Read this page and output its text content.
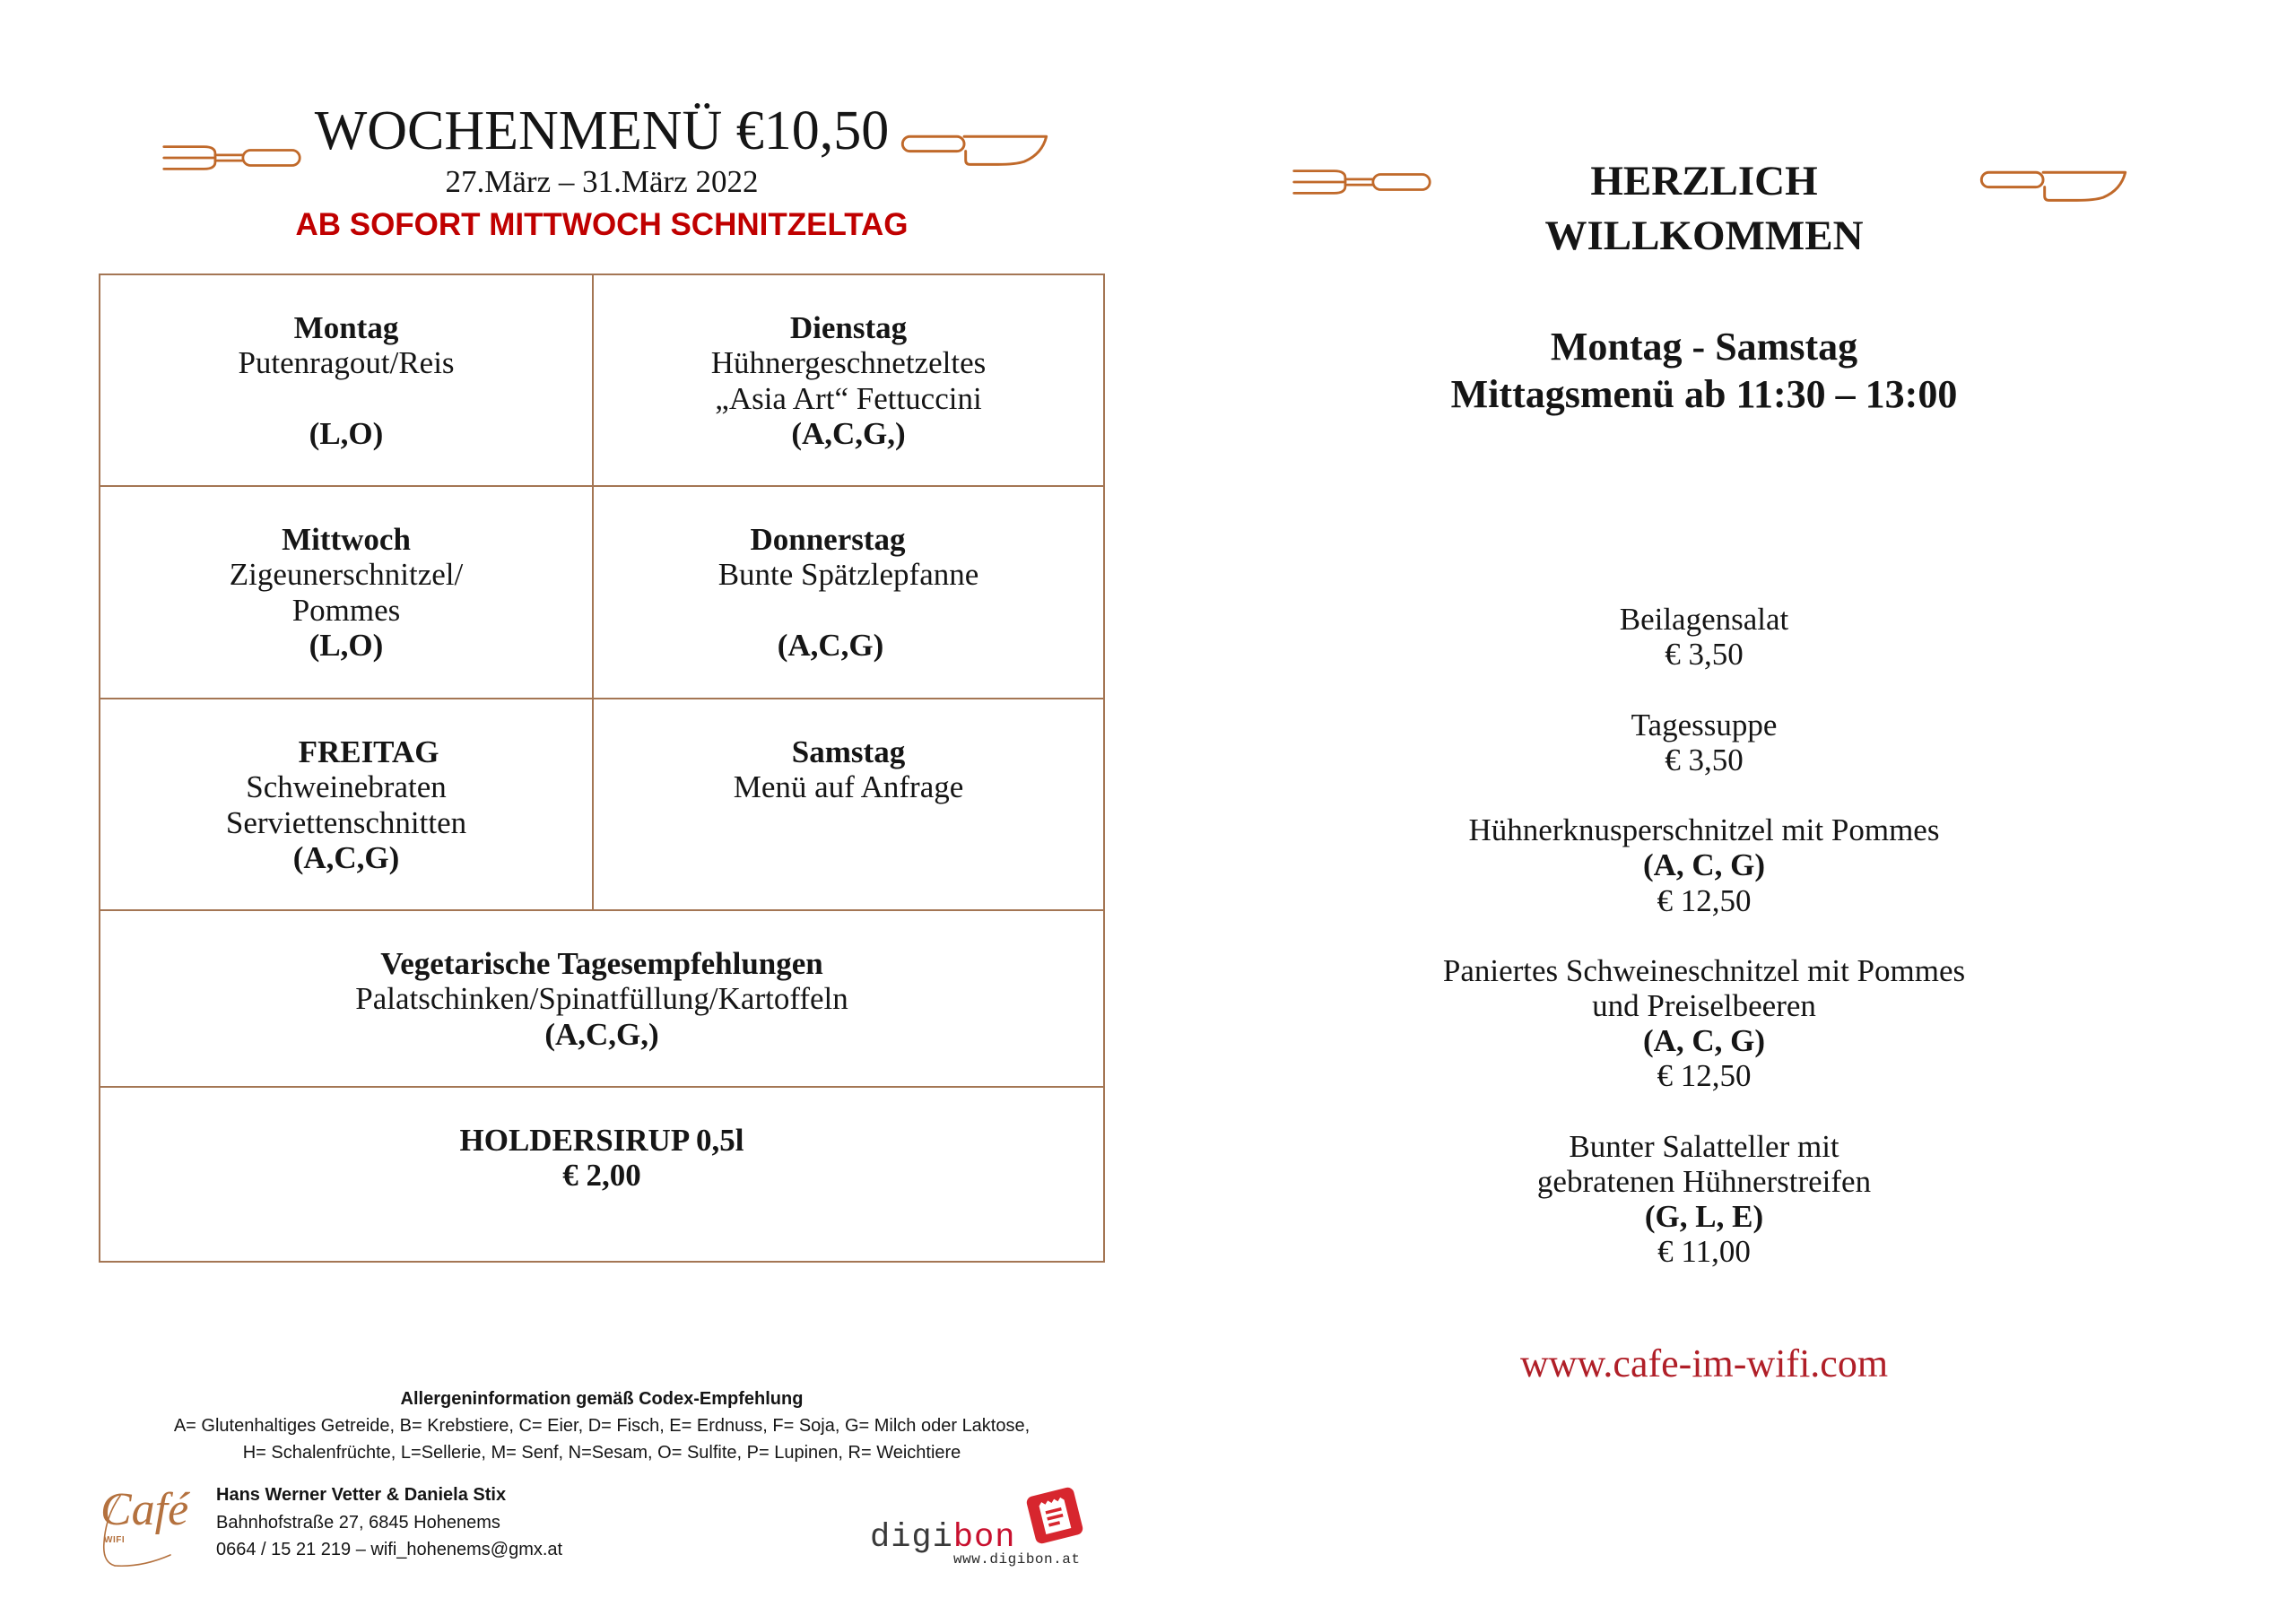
WOCHENMENÜ €10,50
27.März – 31.März 2022
AB SOFORT MITTWOCH SCHNITZELTAG
Montag
Putenragout/Reis
(L,O)
Dienstag
Hühnergeschnetzeltes
„Asia Art“ Fettuccini
(A,C,G,)
Mittwoch
Zigeunerschnitzel/
Pommes
(L,O)
Donnerstag
Bunte Spätzlepfanne
(A,C,G)
FREITAG
Schweinebraten
Serviettenschnitten
(A,C,G)
Samstag
Menü auf Anfrage
Vegetarische Tagesempfehlungen
Palatschinken/Spinatfüllung/Kartoffeln
(A,C,G,)
HOLDERSIRUP 0,5l
€ 2,00
Allergeninformation gemäß Codex-Empfehlung
A= Glutenhaltiges Getreide, B= Krebstiere, C= Eier, D= Fisch, E= Erdnuss, F= Soja, G= Milch oder Laktose,
H= Schalenfrüchte, L=Sellerie, M= Senf, N=Sesam, O= Sulfite, P= Lupinen, R= Weichtiere
Café
WIFI
Hans Werner Vetter & Daniela Stix
Bahnhofstraße 27, 6845 Hohenems
0664 / 15 21 219 – wifi_hohenems@gmx.at	digibon
www.digibon.at
HERZLICH
WILLKOMMEN
Montag - Samstag
Mittagsmenü ab 11:30 – 13:00
Beilagensalat
€ 3,50
Tagessuppe
€ 3,50
Hühnerknusperschnitzel mit Pommes
(A, C, G)
€ 12,50
Paniertes Schweineschnitzel mit Pommes
und Preiselbeeren
(A, C, G)
€ 12,50
Bunter Salatteller mit
gebratenen Hühnerstreifen
(G, L, E)
€ 11,00
www.cafe-im-wifi.com
